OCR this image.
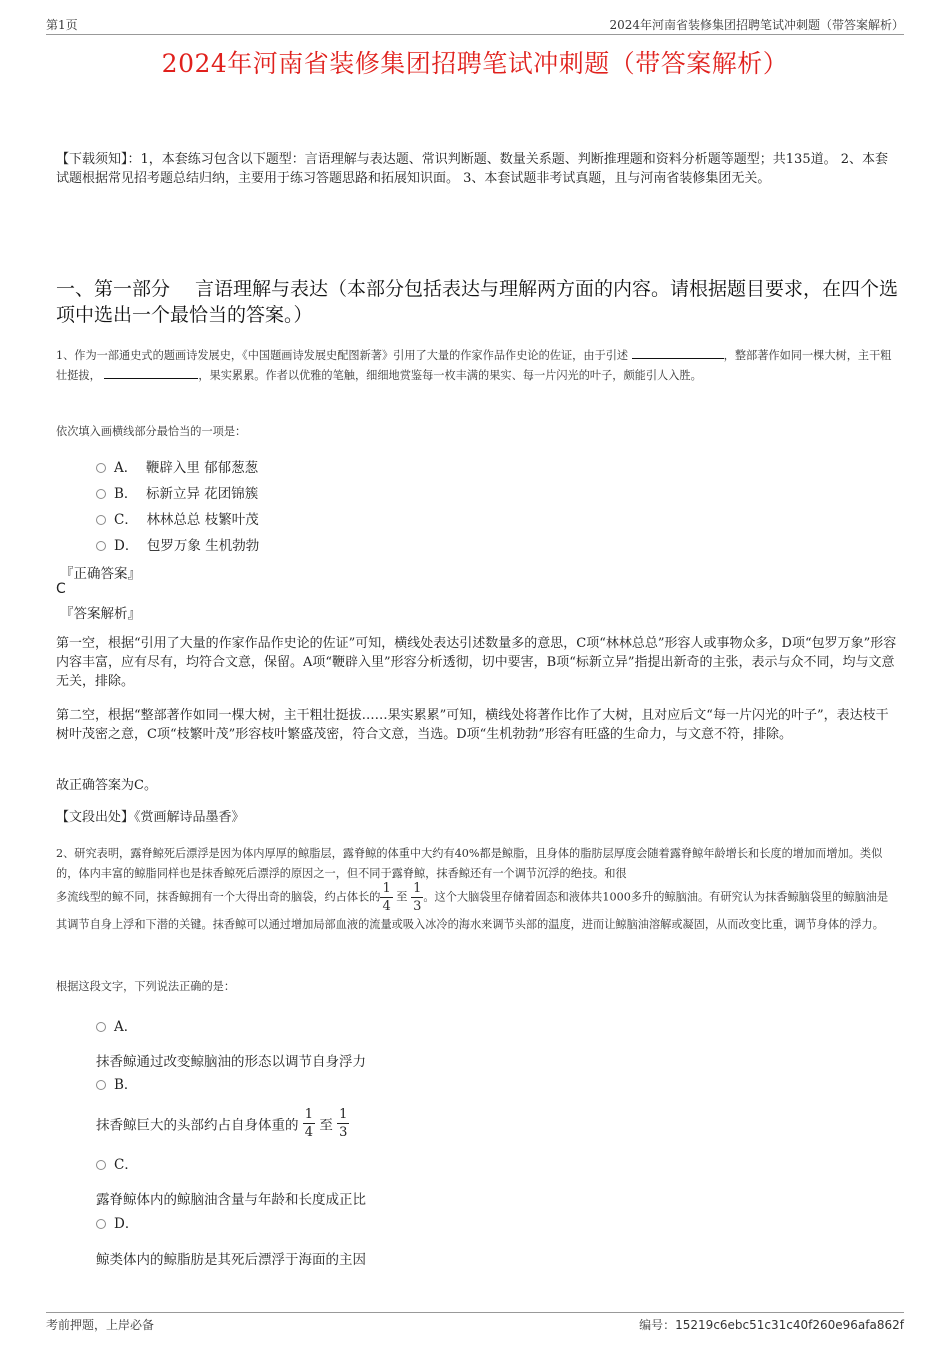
第1页	2024年河南省装修集团招聘笔试冲刺题（带答案解析）
2024年河南省装修集团招聘笔试冲刺题（带答案解析）
【下载须知】：1，本套练习包含以下题型：言语理解与表达题、常识判断题、数量关系题、判断推理题和资料分析题等题型；共135道。 2、本套试题根据常见招考题总结归纳，主要用于练习答题思路和拓展知识面。 3、本套试题非考试真题，且与河南省装修集团无关。
一、第一部分　 言语理解与表达（本部分包括表达与理解两方面的内容。请根据题目要求，在四个选项中选出一个最恰当的答案。）
1、作为一部通史式的题画诗发展史，《中国题画诗发展史配图新著》引用了大量的作家作品作史论的佐证，由于引述	，整部著作如同一棵大树，主干粗壮挺拔，	，果实累累。作者以优雅的笔触，细细地赏鉴每一枚丰满的果实、每一片闪光的叶子，颇能引人入胜。
依次填入画横线部分最恰当的一项是：
A． 鞭辟入里 郁郁葱葱
B． 标新立异 花团锦簇
C． 林林总总 枝繁叶茂
D． 包罗万象 生机勃勃
『正确答案』
C
『答案解析』
第一空，根据“引用了大量的作家作品作史论的佐证”可知，横线处表达引述数量多的意思，C项“林林总总”形容人或事物众多，D项“包罗万象”形容内容丰富，应有尽有，均符合文意，保留。A项“鞭辟入里”形容分析透彻，切中要害，B项“标新立异”指提出新奇的主张，表示与众不同，均与文意无关，排除。
第二空，根据“整部著作如同一棵大树，主干粗壮挺拔……果实累累”可知，横线处将著作比作了大树，且对应后文“每一片闪光的叶子”，表达枝干树叶茂密之意，C项“枝繁叶茂”形容枝叶繁盛茂密，符合文意，当选。D项“生机勃勃”形容有旺盛的生命力，与文意不符，排除。
故正确答案为C。
【文段出处】《赏画解诗品墨香》
2、研究表明，露脊鲸死后漂浮是因为体内厚厚的鲸脂层，露脊鲸的体重中大约有40%都是鲸脂，且身体的脂肪层厚度会随着露脊鲸年龄增长和长度的增加而增加。类似的，体内丰富的鲸脂同样也是抹香鲸死后漂浮的原因之一，但不同于露脊鲸，抹香鲸还有一个调节沉浮的绝技。和很
多流线型的鲸不同，抹香鲸拥有一个大得出奇的脑袋，约占体长的 $\frac{1}{4}$ 至 $\frac{1}{3}$ 。这个大脑袋里存储着固态和液体共1000多升的鲸脑油。有研究认为抹香鲸脑袋里的鲸脑油是其调节自身上浮和下潜的关键。抹香鲸可以通过增加局部血液的流量或吸入冰冷的海水来调节头部的温度，进而让鲸脑油溶解或凝固，从而改变比重，调节身体的浮力。
根据这段文字，下列说法正确的是：
A．
抹香鲸通过改变鲸脑油的形态以调节自身浮力
B．
抹香鲸巨大的头部约占自身体重的 $\frac{1}{4}$ 至 $\frac{1}{3}$
C．
露脊鲸体内的鲸脑油含量与年龄和长度成正比
D．
鲸类体内的鲸脂肪是其死后漂浮于海面的主因
考前押题，上岸必备	编号：15219c6ebc51c31c40f260e96afa862f
